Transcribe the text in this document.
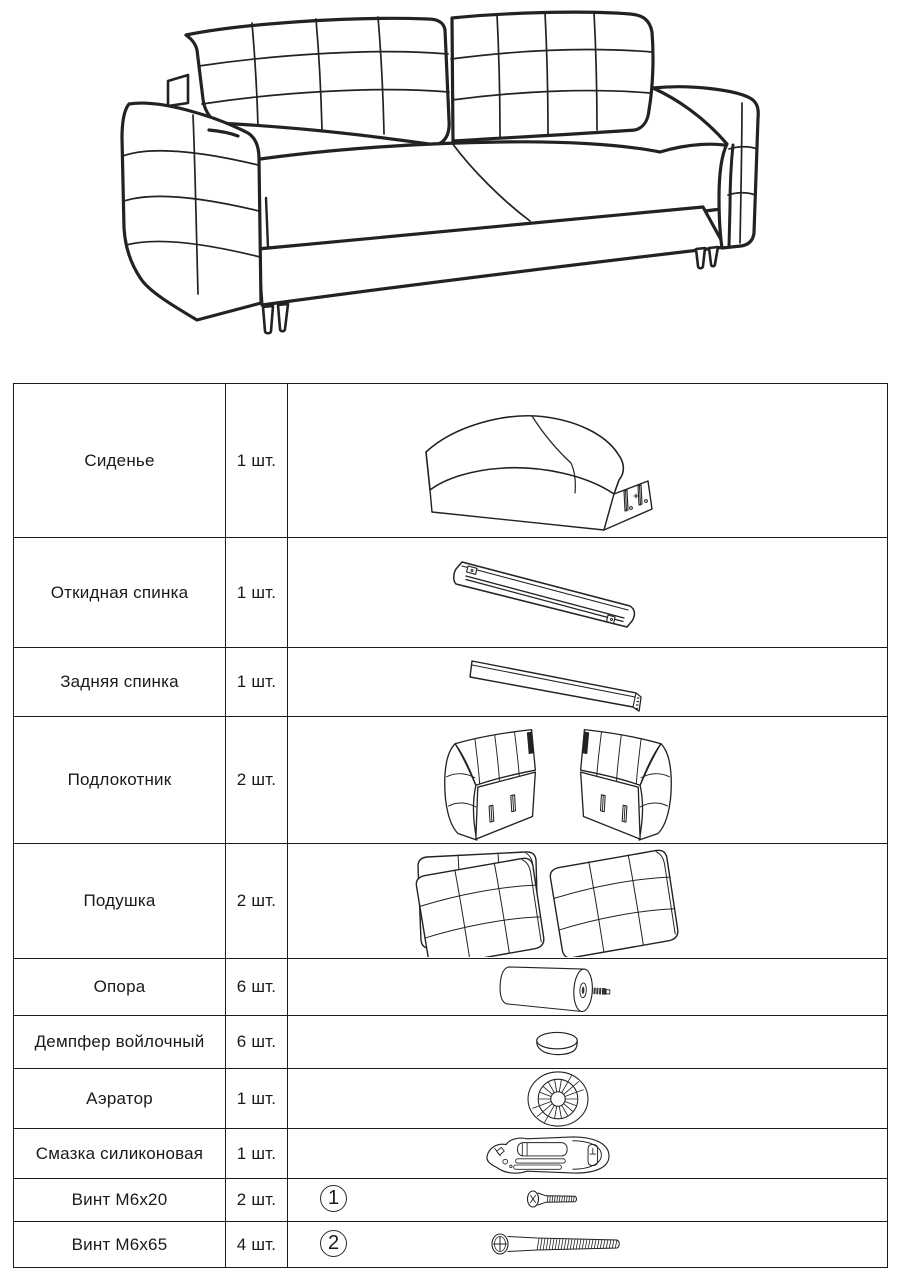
Сиденье	1 шт.
Откидная спинка	1 шт.
Задняя спинка	1 шт.
Подлокотник	2 шт.
Подушка	2 шт.
Опора	6 шт.
Демпфер войлочный	6 шт.
Аэратор	1 шт.
Смазка силиконовая	1 шт.
Винт М6х20	2 шт.	1
Винт М6х65	4 шт.	2
